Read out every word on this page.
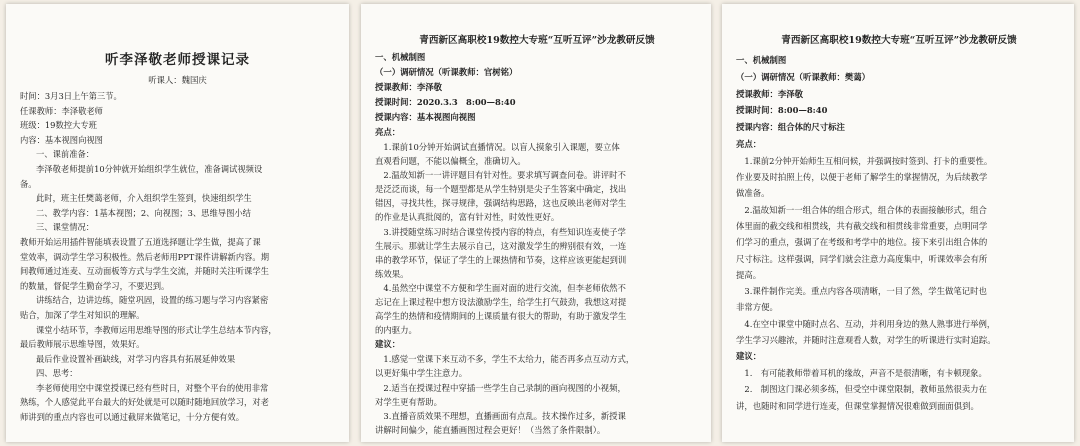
听李泽敬老师授课记录
听课人：魏国庆
时间：3月3日上午第三节。
任课教师：李泽敬老师
班级：19数控大专班
内容：基本视图向视图
一、课前准备：
李泽敬老师提前10分钟就开始组织学生就位，准备调试视频设
备。
此时，班主任樊蔼老师，介入组织学生签到，快速组织学生
二、教学内容：1基本视图；2、向视图；3、思维导图小结
三、课堂情况：
教师开始运用插件智能填表设置了五道选择题让学生做，提高了课
堂效率，调动学生学习积极性。然后老师用PPT课件讲解新内容。期
间教师通过连麦、互动面板等方式与学生交流，并随时关注听课学生
的数量，督促学生勤奋学习，不要迟到。
讲练结合，边讲边练，随堂巩固，设置的练习题与学习内容紧密
贴合，加深了学生对知识的理解。
课堂小结环节，李教师运用思维导图的形式让学生总结本节内容，
最后教师展示思维导图，效果好。
最后作业设置补画缺线，对学习内容具有拓展延伸效果
四、思考：
李老师使用空中课堂授课已经有些时日，对整个平台的使用非常
熟练，个人感觉此平台最大的好处就是可以随时随地回放学习，对老
师讲到的重点内容也可以通过截屏来做笔记，十分方便有效。
青西新区高职校19数控大专班“互听互评”沙龙教研反馈
一、机械制图
（一）调研情况（听课教师：官树铭）
授课教师：李泽敬
授课时间：2020.3.3　8:00—8:40
授课内容：基本视图向视图
亮点：
　1.课前10分钟开始调试直播情况。以盲人摸象引入课题，要立体
直观看问题，不能以偏概全，准确切入。
　2.温故知新一一讲评题目有针对性。要求填写调查问卷。讲评时不
是泛泛而谈，每一个题型都是从学生特别是尖子生答案中确定，找出
错因，寻找共性，探寻规律，强调结构思路，这也反映出老师对学生
的作业是认真批阅的，富有针对性，时效性更好。
　3.讲授随堂练习时结合课堂传授内容的特点，有些知识连麦使子学
生展示。那就让学生去展示自己，这对激发学生的辨别很有效，一连
串的教学环节，保证了学生的上课热情和节奏，这样应该更能起到训
练效果。
　4.虽然空中课堂不方便和学生面对面的进行交流，但李老师依然不
忘记在上课过程中想方设法激励学生，给学生打气鼓劲，我想这对提
高学生的热情和疫情期间的上课质量有很大的帮助，有助于激发学生
的内驱力。
建议：
　1.感觉一堂课下来互动不多，学生不太给力，能否再多点互动方式，
以更好集中学生注意力。
　2.适当在授课过程中穿插一些学生自己录制的画向视图的小视频，
对学生更有帮助。
　3.直播音质效果不理想，直播画面有点乱。技术操作过多，新授课
讲解时间偏少，能直播画图过程会更好！（当然了条件限制）。
青西新区高职校19数控大专班“互听互评”沙龙教研反馈
一、机械制图
（一）调研情况（听课教师：樊蔼）
授课教师：李泽敬
授课时间：8:00—8:40
授课内容：组合体的尺寸标注
亮点：
　1.课前2分钟开始师生互相问候，并强调按时签到、打卡的重要性。
作业要及时拍照上传，以便于老师了解学生的掌握情况，为后续教学
做准备。
　2.温故知新一一组合体的组合形式，组合体的表面接触形式，组合
体里面的截交线和相贯线，共有截交线和相贯线非常重要，点明同学
们学习的重点，强调了在考级和考学中的地位。接下来引出组合体的
尺寸标注。这样强调，同学们就会注意力高度集中，听课效率会有所
提高。
　3.课件制作完美。重点内容各项清晰，一目了然，学生做笔记时也
非常方便。
　4.在空中课堂中随时点名、互动，并利用身边的熟人熟事进行举例，
学生学习兴趣浓，并随时注意观看人数，对学生的听课进行实时追踪。
建议：
　1.　有可能教师带着耳机的缘故，声音不是很清晰，有卡顿现象。
　2.　制图这门课必须多练，但受空中课堂限制，教师虽然很卖力在
讲，也随时和同学进行连麦，但课堂掌握情况很难做到面面俱到。
